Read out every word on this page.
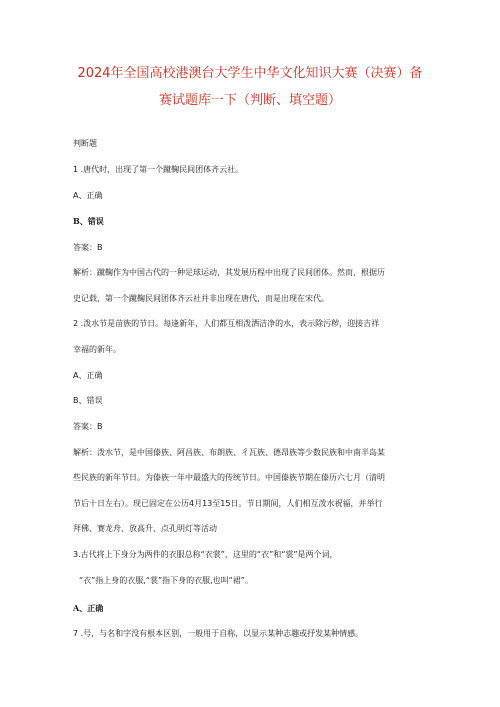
2024年全国高校港澳台大学生中华文化知识大赛（决赛）备
赛试题库一下（判断、填空题）
判断题
1 .唐代时，出现了第一个蹴鞠民间团体齐云社。
A、正确
B、错误
答案：B
解析：蹴鞠作为中国古代的一种足球运动，其发展历程中出现了民间团体。然而，根据历
史记载，第一个蹴鞠民间团体齐云社并非出现在唐代，而是出现在宋代。
2 .泼水节是苗族的节日。每逢新年，人们都互相泼洒洁净的水，表示除污秽，迎接吉祥
幸福的新年。
A、正确
B、错误
答案：B
解析：泼水节，是中国傣族、阿昌族、布朗族、彳瓦族、德昂族等少数民族和中南半岛某
些民族的新年节日。为傣族一年中最盛大的传统节日。中国傣族节期在傣历六七月（清明
节后十日左右）。现已固定在公历4月13至15日。节日期间，人们相互泼水祝福，并举行
拜佛、赛龙舟、放高升、点孔明灯等活动
3.古代将上下身分为两件的衣服总称“衣裳”，这里的“衣”和“裳”是两个词，
“衣”指上身的衣服,“裳”指下身的衣服,也叫“裙”。
A、正确
7 .号，与名和字没有根本区别，一般用于自称，以显示某种志趣或抒发某种情感。
